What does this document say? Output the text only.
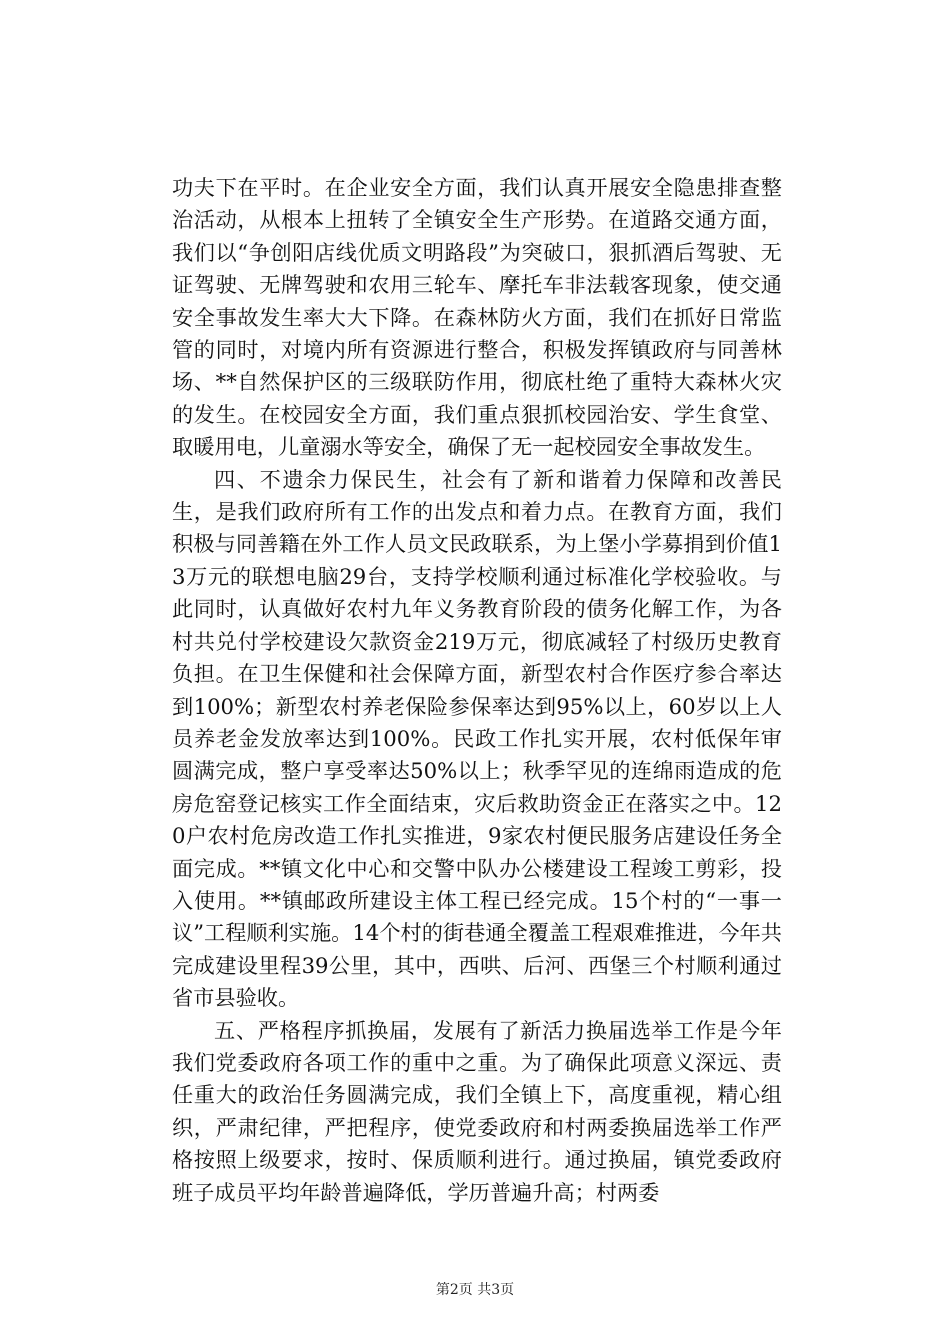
功夫下在平时。在企业安全方面，我们认真开展安全隐患排查整治活动，从根本上扭转了全镇安全生产形势。在道路交通方面，我们以“争创阳店线优质文明路段”为突破口，狠抓酒后驾驶、无证驾驶、无牌驾驶和农用三轮车、摩托车非法载客现象，使交通安全事故发生率大大下降。在森林防火方面，我们在抓好日常监管的同时，对境内所有资源进行整合，积极发挥镇政府与同善林场、**自然保护区的三级联防作用，彻底杜绝了重特大森林火灾的发生。在校园安全方面，我们重点狠抓校园治安、学生食堂、取暖用电，儿童溺水等安全，确保了无一起校园安全事故发生。

四、不遗余力保民生，社会有了新和谐着力保障和改善民生，是我们政府所有工作的出发点和着力点。在教育方面，我们积极与同善籍在外工作人员文民政联系，为上堡小学募捐到价值13万元的联想电脑29台，支持学校顺利通过标准化学校验收。与此同时，认真做好农村九年义务教育阶段的债务化解工作，为各村共兑付学校建设欠款资金219万元，彻底减轻了村级历史教育负担。在卫生保健和社会保障方面，新型农村合作医疗参合率达到100%；新型农村养老保险参保率达到95%以上，60岁以上人员养老金发放率达到100%。民政工作扎实开展，农村低保年审圆满完成，整户享受率达50%以上；秋季罕见的连绵雨造成的危房危窑登记核实工作全面结束，灾后救助资金正在落实之中。120户农村危房改造工作扎实推进，9家农村便民服务店建设任务全面完成。**镇文化中心和交警中队办公楼建设工程竣工剪彩，投入使用。**镇邮政所建设主体工程已经完成。15个村的“一事一议”工程顺利实施。14个村的街巷通全覆盖工程艰难推进，今年共完成建设里程39公里，其中，西哄、后河、西堡三个村顺利通过省市县验收。

五、严格程序抓换届，发展有了新活力换届选举工作是今年我们党委政府各项工作的重中之重。为了确保此项意义深远、责任重大的政治任务圆满完成，我们全镇上下，高度重视，精心组织，严肃纪律，严把程序，使党委政府和村两委换届选举工作严格按照上级要求，按时、保质顺利进行。通过换届，镇党委政府班子成员平均年龄普遍降低，学历普遍升高；村两委

第2页 共3页
